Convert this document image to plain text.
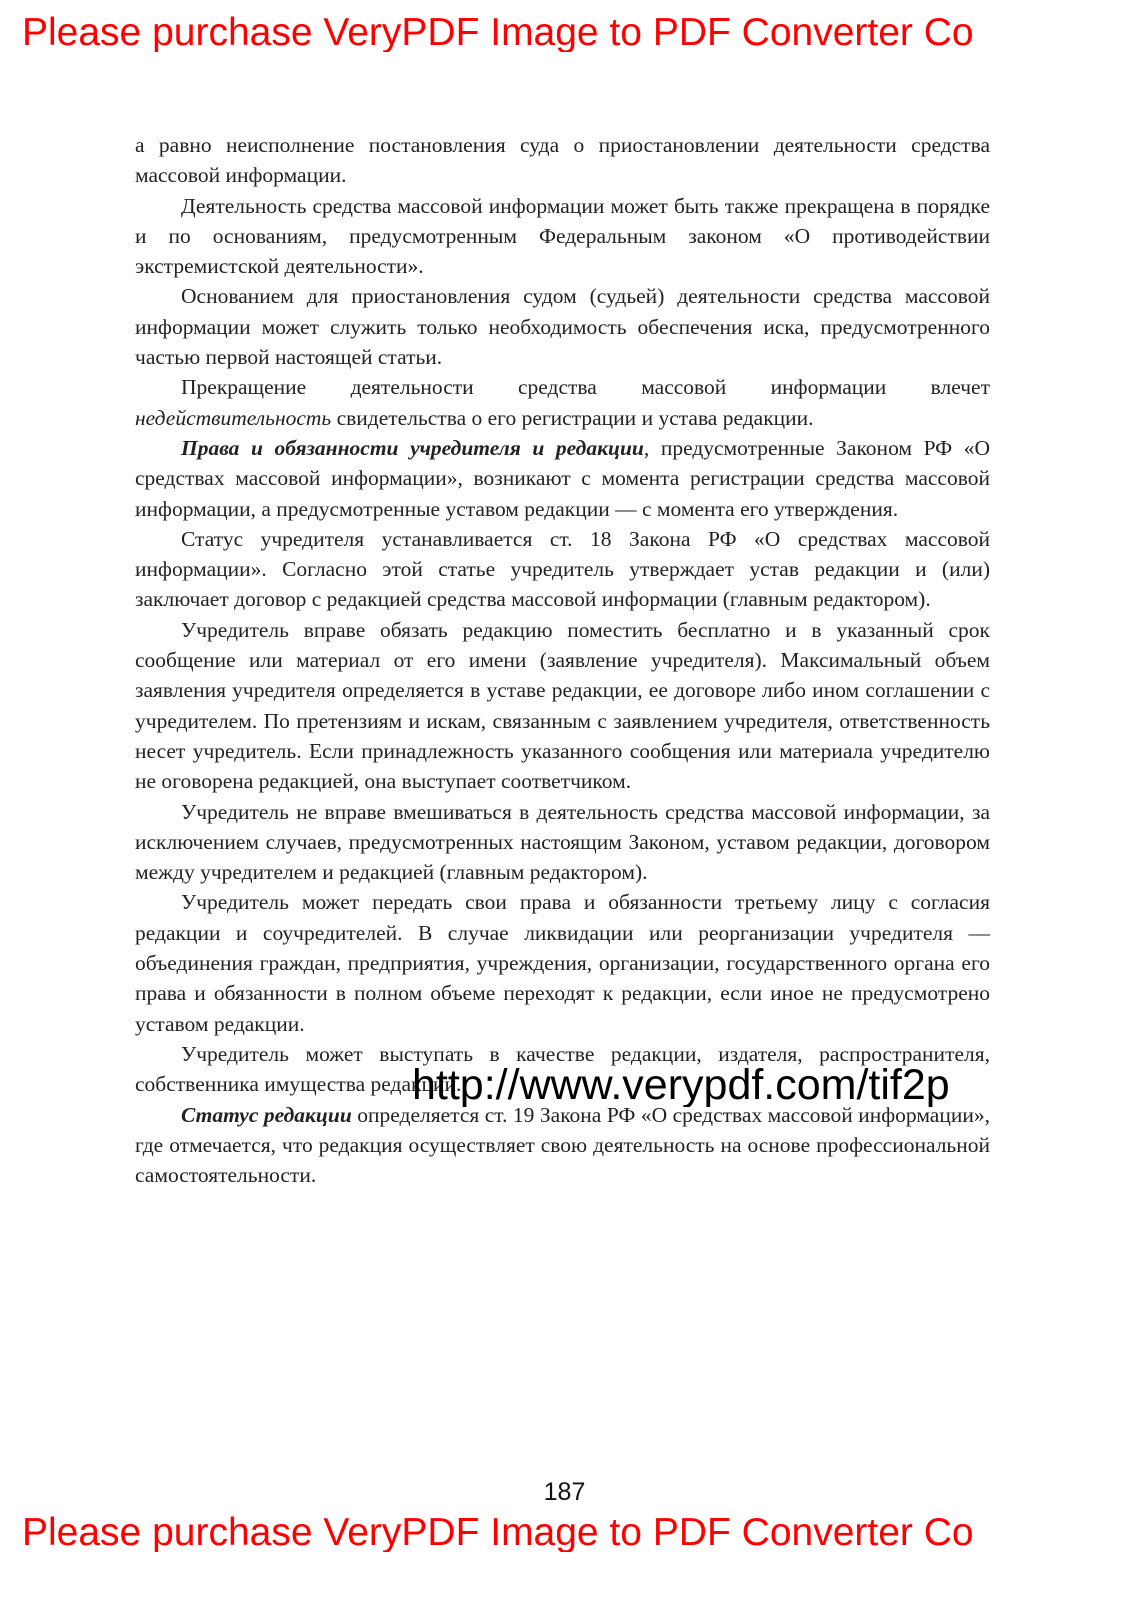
Please purchase VeryPDF Image to PDF Converter Co

а равно неисполнение постановления суда о приостановлении деятельности средства массовой информации.

Деятельность средства массовой информации может быть также прекращена в порядке и по основаниям, предусмотренным Федеральным законом «О противодействии экстремистской деятельности».

Основанием для приостановления судом (судьей) деятельности средства массовой информации может служить только необходимость обеспечения иска, предусмотренного частью первой настоящей статьи.

Прекращение деятельности средства массовой информации влечет недействительность свидетельства о его регистрации и устава редакции.

Права и обязанности учредителя и редакции, предусмотренные Законом РФ «О средствах массовой информации», возникают с момента регистрации средства массовой информации, а предусмотренные уставом редакции — с момента его утверждения.

Статус учредителя устанавливается ст. 18 Закона РФ «О средствах массовой информации». Согласно этой статье учредитель утверждает устав редакции и (или) заключает договор с редакцией средства массовой информации (главным редактором).

Учредитель вправе обязать редакцию поместить бесплатно и в указанный срок сообщение или материал от его имени (заявление учредителя). Максимальный объем заявления учредителя определяется в уставе редакции, ее договоре либо ином соглашении с учредителем. По претензиям и искам, связанным с заявлением учредителя, ответственность несет учредитель. Если принадлежность указанного сообщения или материала учредителю не оговорена редакцией, она выступает соответчиком.

Учредитель не вправе вмешиваться в деятельность средства массовой информации, за исключением случаев, предусмотренных настоящим Законом, уставом редакции, договором между учредителем и редакцией (главным редактором).

Учредитель может передать свои права и обязанности третьему лицу с согласия редакции и соучредителей. В случае ликвидации или реорганизации учредителя — объединения граждан, предприятия, учреждения, организации, государственного органа его права и обязанности в полном объеме переходят к редакции, если иное не предусмотрено уставом редакции.

Учредитель может выступать в качестве редакции, издателя, распространителя, собственника имущества редакции.

Статус редакции определяется ст. 19 Закона РФ «О средствах массовой информации», где отмечается, что редакция осуществляет свою деятельность на основе профессиональной самостоятельности.

http://www.verypdf.com/tif2p
187
Please purchase VeryPDF Image to PDF Converter Co
